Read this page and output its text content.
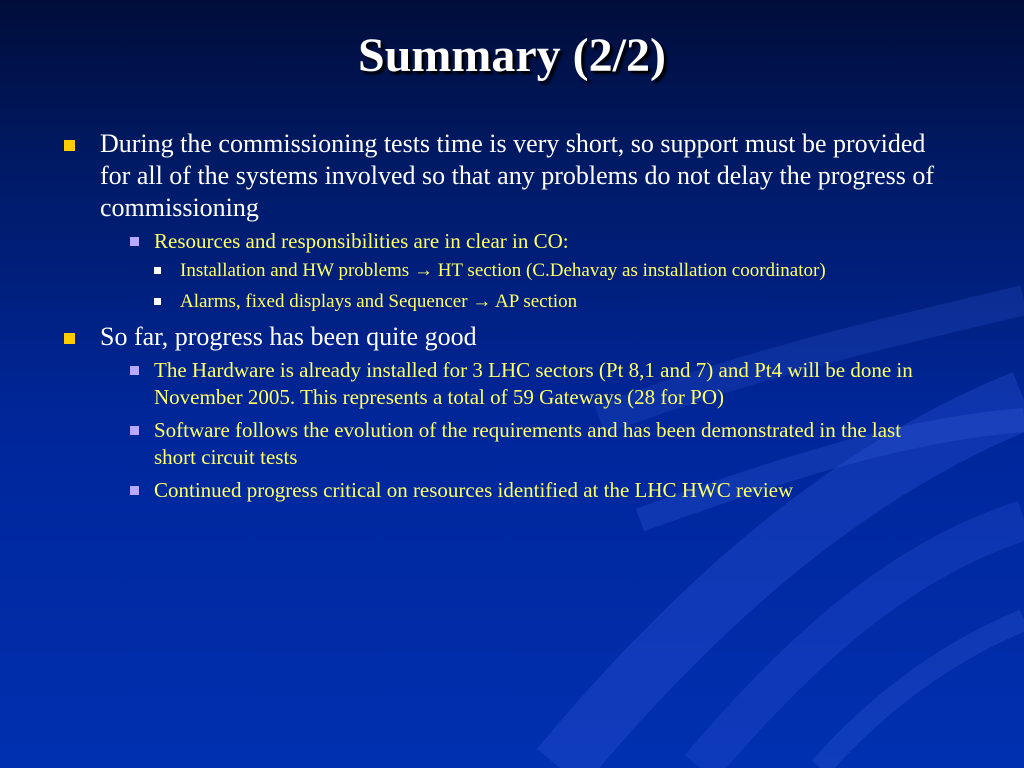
Summary (2/2)
During the commissioning tests time is very short, so support must be provided for all of the systems involved so that any problems do not delay the progress of commissioning
Resources and responsibilities are in clear in CO:
Installation and HW problems → HT section (C.Dehavay as installation coordinator)
Alarms, fixed displays and Sequencer → AP section
So far, progress has been quite good
The Hardware is already installed for 3 LHC sectors (Pt 8,1 and 7) and Pt4 will be done in November 2005. This represents a total of 59 Gateways (28 for PO)
Software follows the evolution of the requirements and has been demonstrated in the last short circuit tests
Continued progress critical on resources identified at the LHC HWC review
